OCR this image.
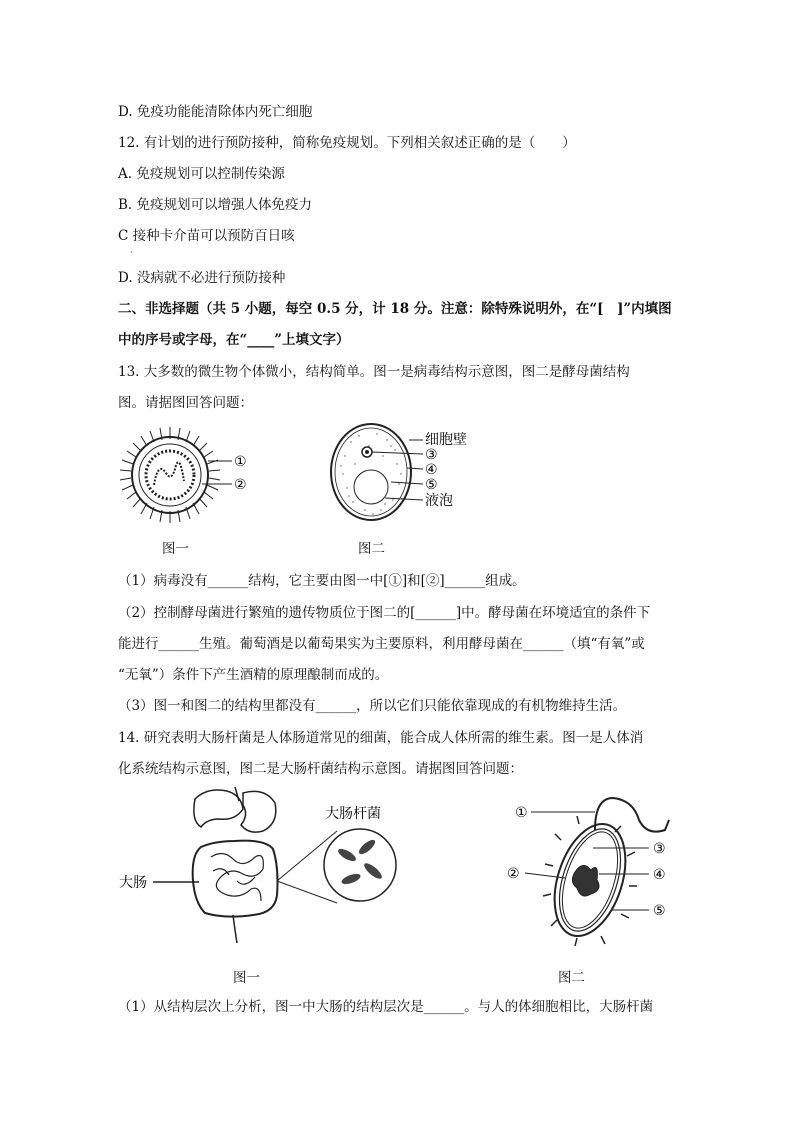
D. 免疫功能能清除体内死亡细胞
12. 有计划的进行预防接种，简称免疫规划。下列相关叙述正确的是（　　）
A. 免疫规划可以控制传染源
B. 免疫规划可以增强人体免疫力
C 接种卡介苗可以预防百日咳
·
D. 没病就不必进行预防接种
二、非选择题（共 5 小题，每空 0.5 分，计 18 分。注意：除特殊说明外，在“[　]”内填图
中的序号或字母，在“____”上填文字）
13. 大多数的微生物个体微小，结构简单。图一是病毒结构示意图，图二是酵母菌结构
图。请据图回答问题：
①
②
图一
细胞壁
③
④
⑤
液泡
图二
（1）病毒没有______结构，它主要由图一中[①]和[②]______组成。
（2）控制酵母菌进行繁殖的遗传物质位于图二的[______]中。酵母菌在环境适宜的条件下
能进行______生殖。葡萄酒是以葡萄果实为主要原料，利用酵母菌在______（填“有氧”或
“无氧”）条件下产生酒精的原理酿制而成的。
（3）图一和图二的结构里都没有______，所以它们只能依靠现成的有机物维持生活。
14. 研究表明大肠杆菌是人体肠道常见的细菌，能合成人体所需的维生素。图一是人体消
化系统结构示意图，图二是大肠杆菌结构示意图。请据图回答问题：
大肠
大肠杆菌
图一
①
②
③
④
⑤
图二
（1）从结构层次上分析，图一中大肠的结构层次是______。与人的体细胞相比，大肠杆菌
